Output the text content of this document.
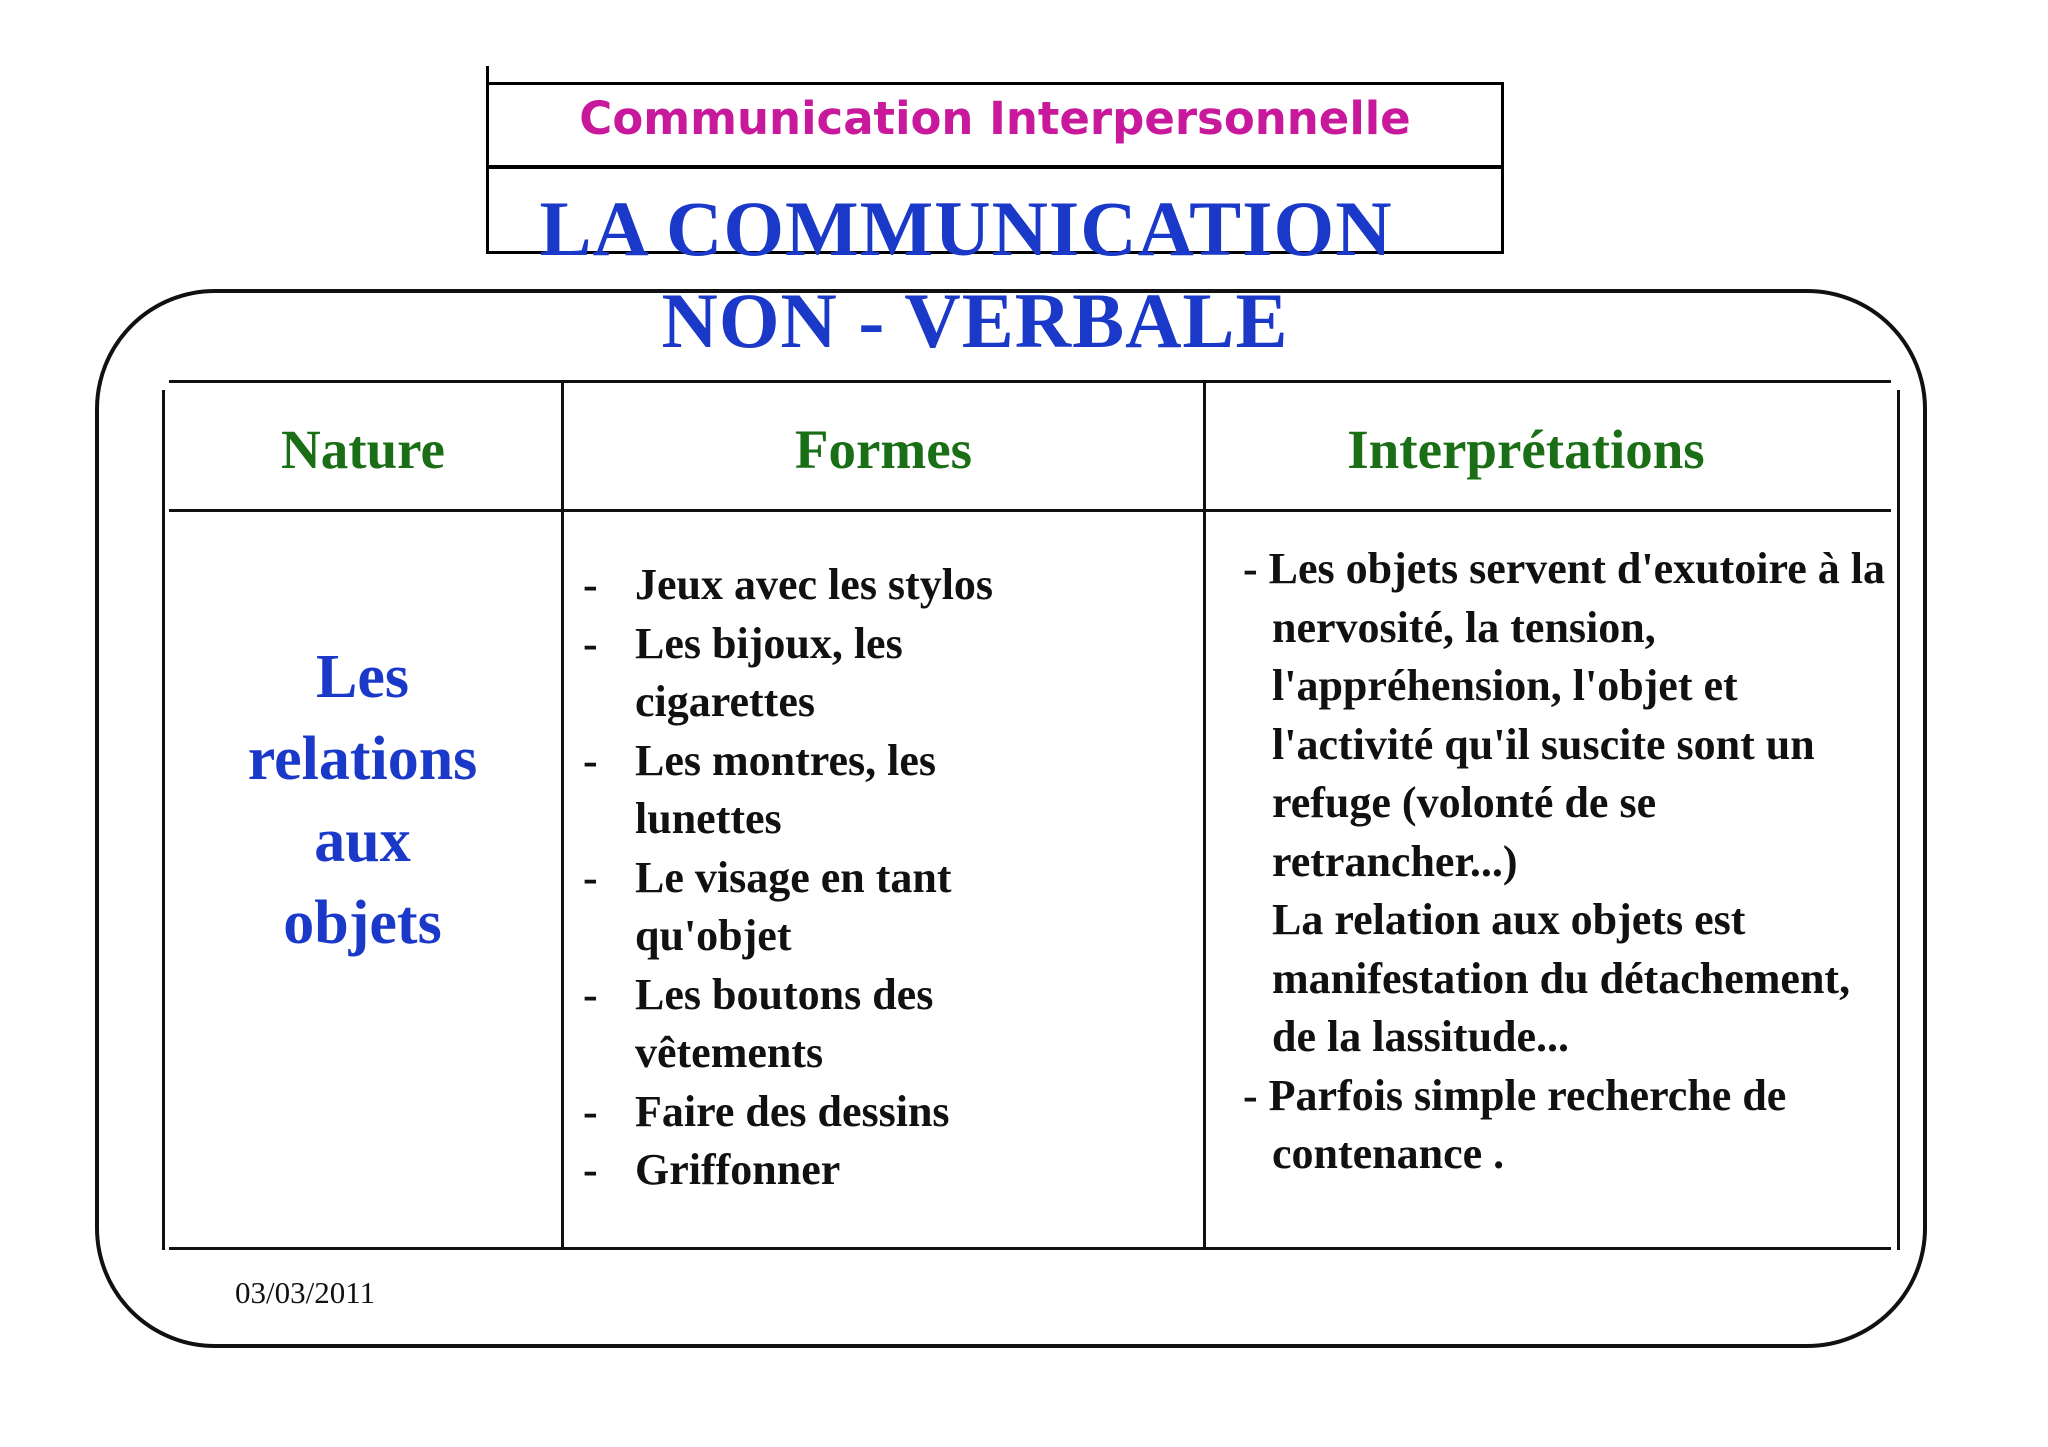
Communication Interpersonnelle
LA COMMUNICATION
NON - VERBALE
Nature	Formes	Interprétations

Les
relations
aux
objets

- Jeux avec les stylos
- Les bijoux, les cigarettes
- Les montres, les lunettes
- Le visage en tant qu'objet
- Les boutons des vêtements
- Faire des dessins
- Griffonner

- Les objets servent d'exutoire à la nervosité, la tension, l'appréhension, l'objet et l'activité qu'il suscite sont un refuge (volonté de se retrancher...)

La relation aux objets est manifestation du détachement, de la lassitude...

- Parfois simple recherche de contenance .

03/03/2011
